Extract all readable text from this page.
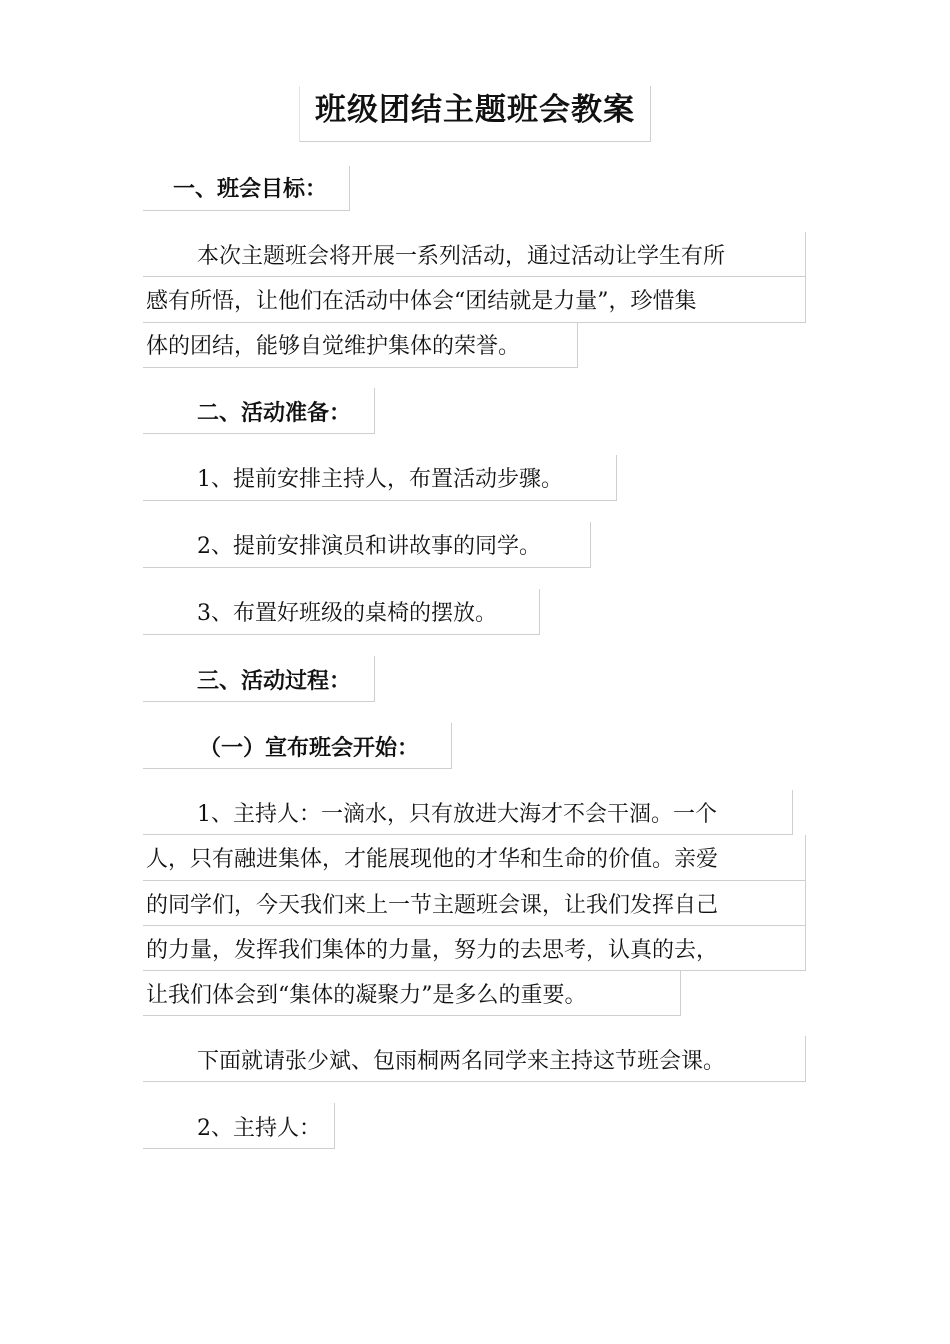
班级团结主题班会教案
一、班会目标：
本次主题班会将开展一系列活动，通过活动让学生有所
感有所悟，让他们在活动中体会“团结就是力量”，珍惜集
体的团结，能够自觉维护集体的荣誉。
二、活动准备：
1、提前安排主持人，布置活动步骤。
2、提前安排演员和讲故事的同学。
3、布置好班级的桌椅的摆放。
三、活动过程：
（一）宣布班会开始：
1、主持人：一滴水，只有放进大海才不会干涸。一个
人，只有融进集体，才能展现他的才华和生命的价值。亲爱
的同学们，今天我们来上一节主题班会课，让我们发挥自己
的力量，发挥我们集体的力量，努力的去思考，认真的去，
让我们体会到“集体的凝聚力”是多么的重要。
下面就请张少斌、包雨桐两名同学来主持这节班会课。
2、主持人：
